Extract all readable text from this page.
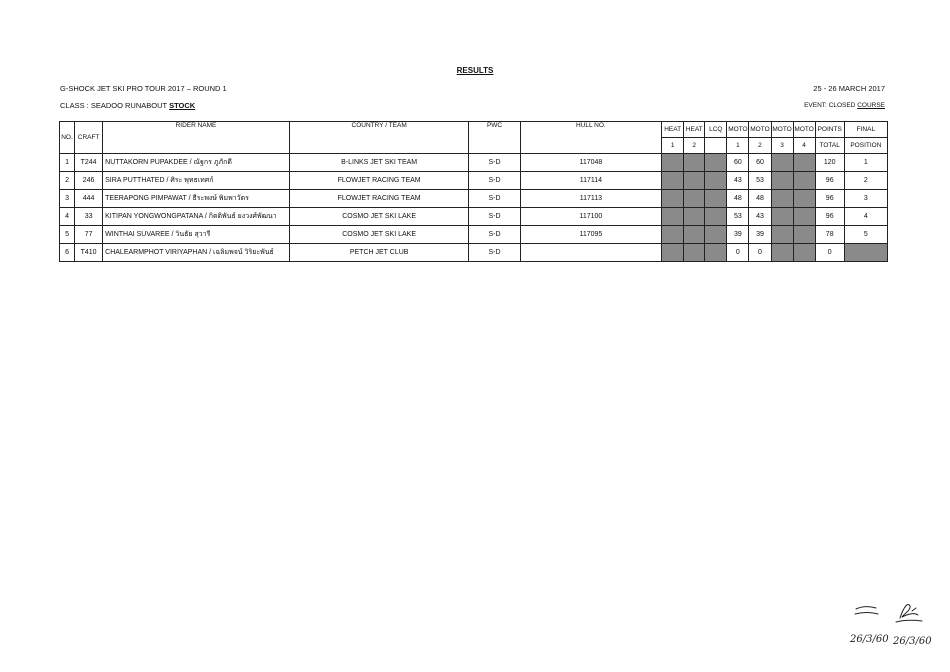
RESULTS
G-SHOCK JET SKI PRO TOUR 2017 – ROUND 1	25 - 26 MARCH 2017
CLASS : SEADOO RUNABOUT STOCK	EVENT: CLOSED COURSE
NO.	CRAFT	RIDER NAME	COUNTRY / TEAM	PWC	HULL NO.	HEAT	HEAT	LCQ	MOTO	MOTO	MOTO	MOTO	POINTS	FINAL
						1	2		1	2	3	4	TOTAL	POSITION
1	T244	NUTTAKORN PUPAKDEE / ณัฐกร ภูภักดี	B-LINKS JET SKI TEAM	S-D	117048				60	60			120	1
2	246	SIRA PUTTHATED / ศิระ พุทธเทศก์	FLOWJET RACING TEAM	S-D	117114				43	53			96	2
3	444	TEERAPONG PIMPAWAT / ธีระพงษ์ พิมพาวัตร	FLOWJET RACING TEAM	S-D	117113				48	48			96	3
4	33	KITIPAN YONGWONGPATANA / กิตติพันธ์ ยงวงศ์พัฒนา	COSMO JET SKI LAKE	S-D	117100				53	43			96	4
5	77	WINTHAI SUVAREE / วินธัย สุวารี	COSMO JET SKI LAKE	S-D	117095				39	39			78	5
6	T410	CHALEARMPHOT VIRIYAPHAN / เฉลิมพจน์ วิริยะพันธ์	PETCH JET CLUB	S-D					0	0			0	
26/3/60 26/3/60
